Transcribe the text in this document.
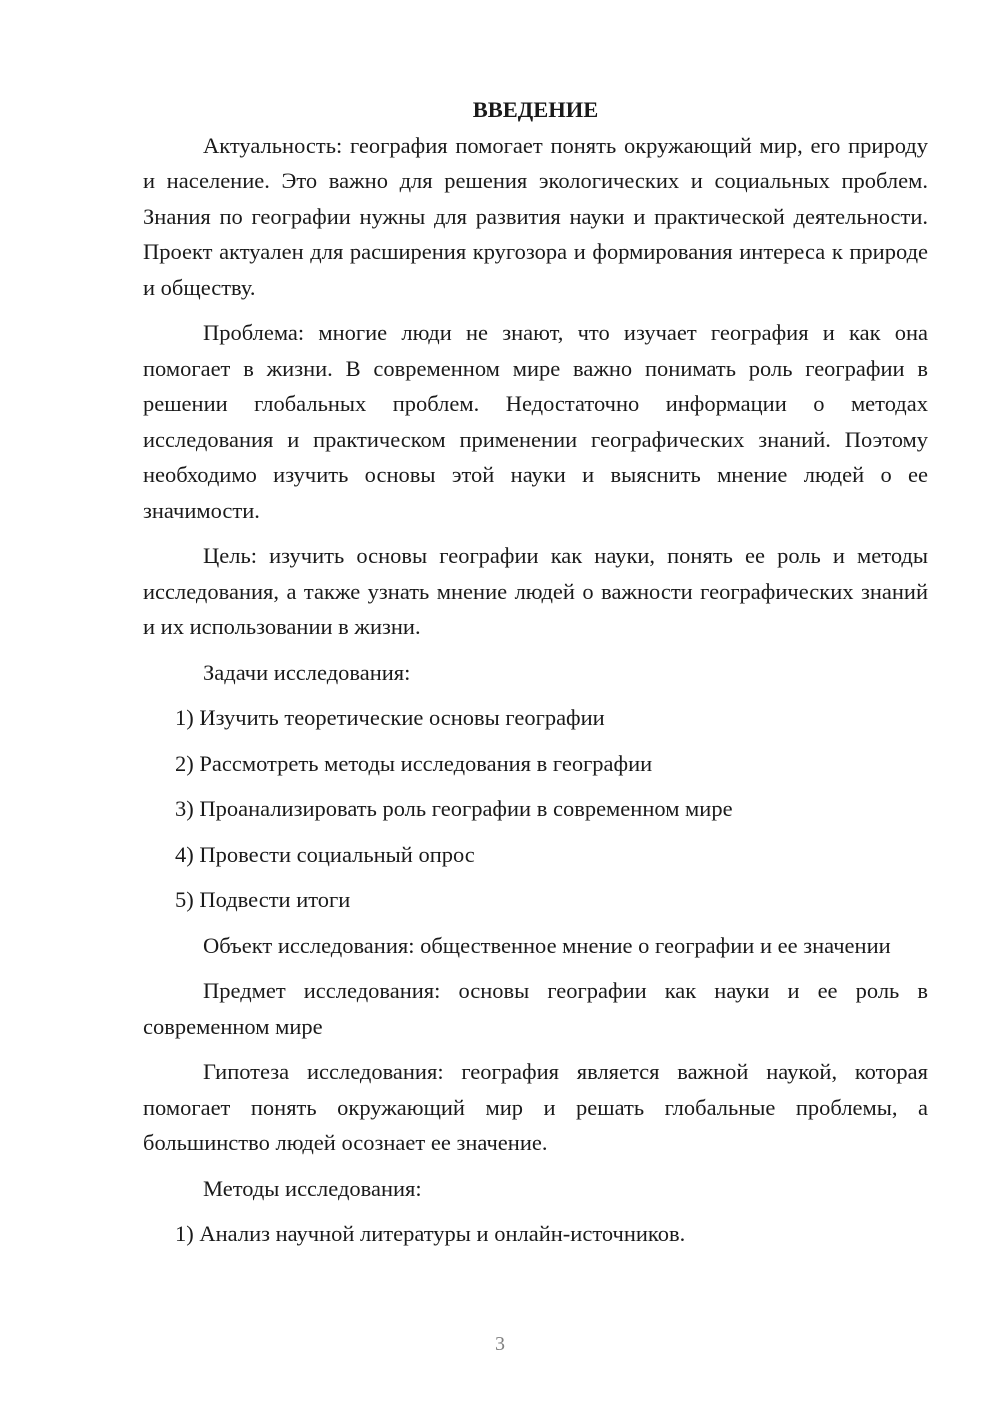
ВВЕДЕНИЕ

Актуальность: география помогает понять окружающий мир, его природу и население. Это важно для решения экологических и социальных проблем. Знания по географии нужны для развития науки и практической деятельности. Проект актуален для расширения кругозора и формирования интереса к природе и обществу.

Проблема: многие люди не знают, что изучает география и как она помогает в жизни. В современном мире важно понимать роль географии в решении глобальных проблем. Недостаточно информации о методах исследования и практическом применении географических знаний. Поэтому необходимо изучить основы этой науки и выяснить мнение людей о ее значимости.

Цель: изучить основы географии как науки, понять ее роль и методы исследования, а также узнать мнение людей о важности географических знаний и их использовании в жизни.

Задачи исследования:

1) Изучить теоретические основы географии

2) Рассмотреть методы исследования в географии

3) Проанализировать роль географии в современном мире

4) Провести социальный опрос

5) Подвести итоги

Объект исследования: общественное мнение о географии и ее значении

Предмет исследования: основы географии как науки и ее роль в современном мире

Гипотеза исследования: география является важной наукой, которая помогает понять окружающий мир и решать глобальные проблемы, а большинство людей осознает ее значение.

Методы исследования:

1) Анализ научной литературы и онлайн-источников.

3
